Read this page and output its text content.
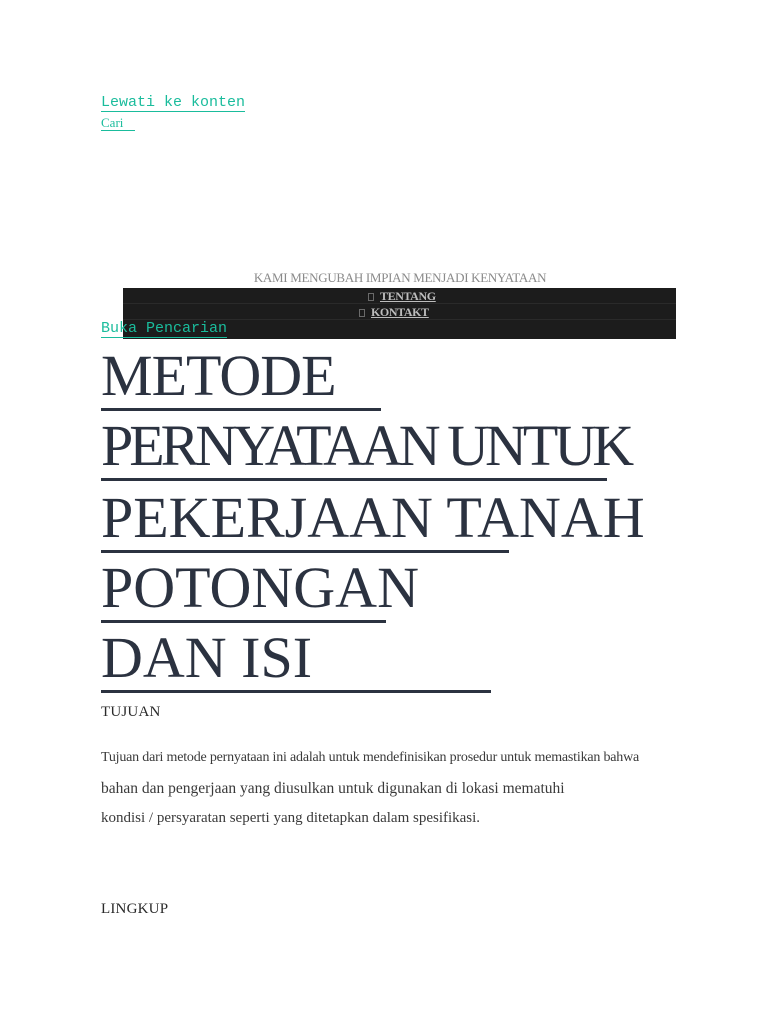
Lewati ke konten
Cari
KAMI MENGUBAH IMPIAN MENJADI KENYATAAN
TENTANG
KONTAKT
Buka Pencarian
METODE
PERNYATAAN UNTUK
PEKERJAAN TANAH
POTONGAN
DAN ISI
TUJUAN
Tujuan dari metode pernyataan ini adalah untuk mendefinisikan prosedur untuk memastikan bahwa
bahan dan pengerjaan yang diusulkan untuk digunakan di lokasi mematuhi
kondisi / persyaratan seperti yang ditetapkan dalam spesifikasi.
LINGKUP
